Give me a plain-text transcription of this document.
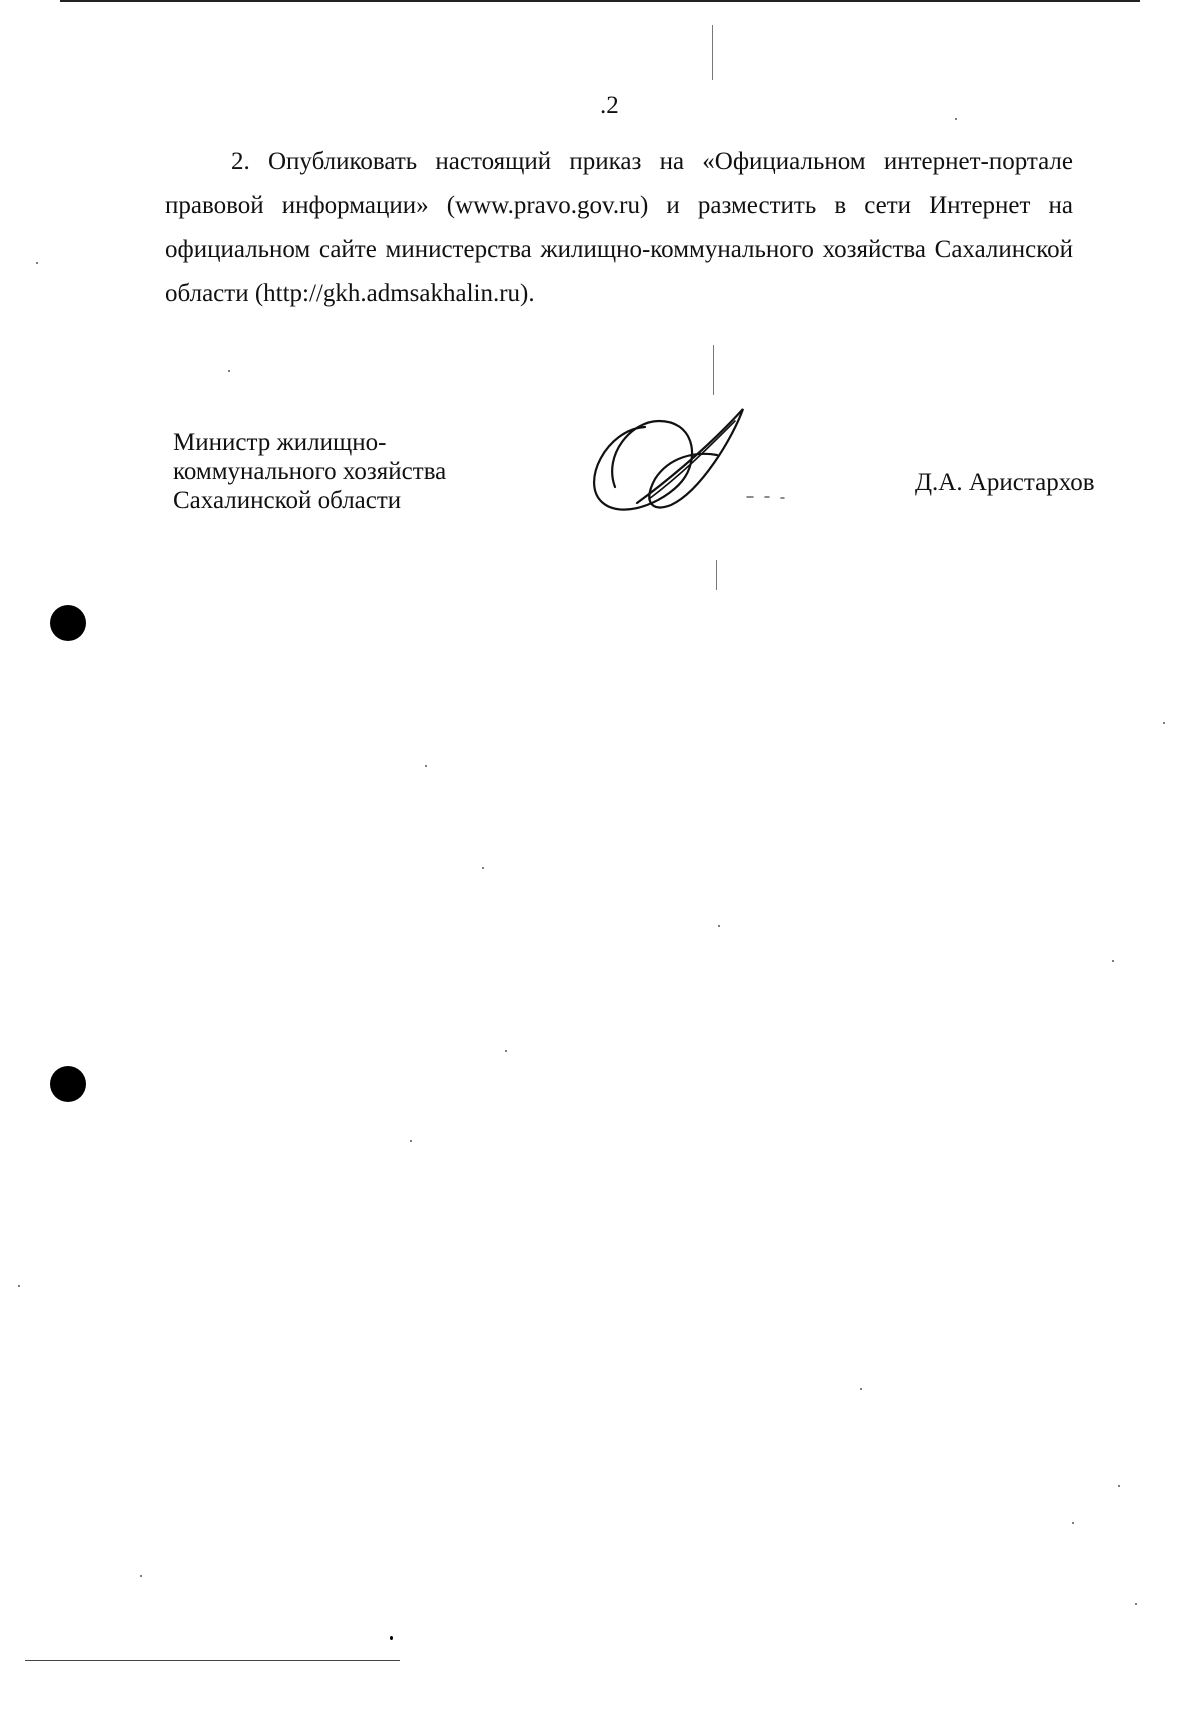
.2

2. Опубликовать настоящий приказ на «Официальном интернет-портале правовой информации» (www.pravo.gov.ru) и разместить в сети Интернет на официальном сайте министерства жилищно-коммунального хозяйства Сахалинской области (http://gkh.admsakhalin.ru).

Министр жилищно-
коммунального хозяйства
Сахалинской области
Д.А. Аристархов
